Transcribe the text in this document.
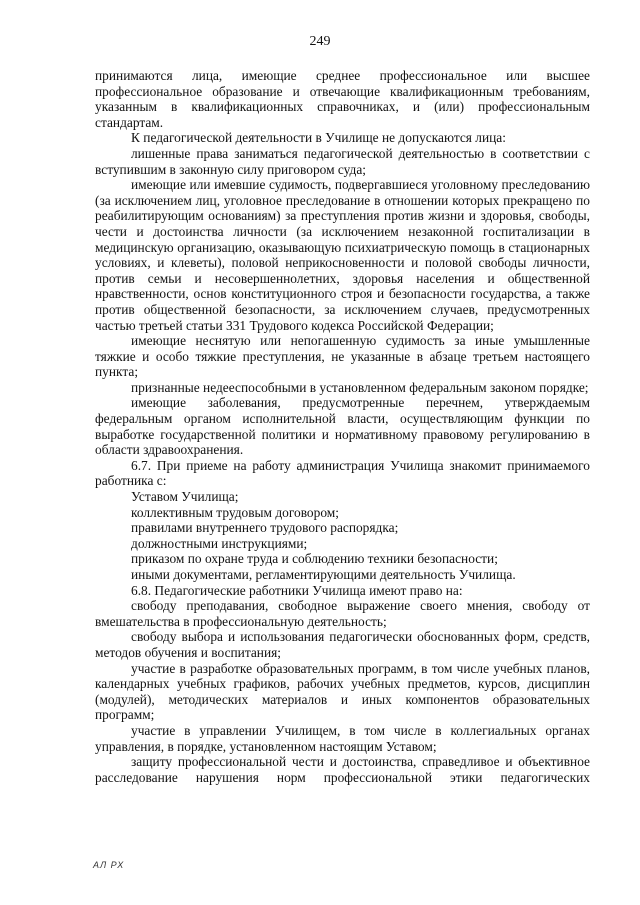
249

принимаются лица, имеющие среднее профессиональное или высшее профессиональное образование и отвечающие квалификационным требованиям, указанным в квалификационных справочниках, и (или) профессиональным стандартам.

К педагогической деятельности в Училище не допускаются лица:

лишенные права заниматься педагогической деятельностью в соответствии с вступившим в законную силу приговором суда;

имеющие или имевшие судимость, подвергавшиеся уголовному преследованию (за исключением лиц, уголовное преследование в отношении которых прекращено по реабилитирующим основаниям) за преступления против жизни и здоровья, свободы, чести и достоинства личности (за исключением незаконной госпитализации в медицинскую организацию, оказывающую психиатрическую помощь в стационарных условиях, и клеветы), половой неприкосновенности и половой свободы личности, против семьи и несовершеннолетних, здоровья населения и общественной нравственности, основ конституционного строя и безопасности государства, а также против общественной безопасности, за исключением случаев, предусмотренных частью третьей статьи 331 Трудового кодекса Российской Федерации;

имеющие неснятую или непогашенную судимость за иные умышленные тяжкие и особо тяжкие преступления, не указанные в абзаце третьем настоящего пункта;

признанные недееспособными в установленном федеральным законом порядке;

имеющие заболевания, предусмотренные перечнем, утверждаемым федеральным органом исполнительной власти, осуществляющим функции по выработке государственной политики и нормативному правовому регулированию в области здравоохранения.

6.7. При приеме на работу администрация Училища знакомит принимаемого работника с:

Уставом Училища;

коллективным трудовым договором;

правилами внутреннего трудового распорядка;

должностными инструкциями;

приказом по охране труда и соблюдению техники безопасности;

иными документами, регламентирующими деятельность Училища.

6.8. Педагогические работники Училища имеют право на:

свободу преподавания, свободное выражение своего мнения, свободу от вмешательства в профессиональную деятельность;

свободу выбора и использования педагогически обоснованных форм, средств, методов обучения и воспитания;

участие в разработке образовательных программ, в том числе учебных планов, календарных учебных графиков, рабочих учебных предметов, курсов, дисциплин (модулей), методических материалов и иных компонентов образовательных программ;

участие в управлении Училищем, в том числе в коллегиальных органах управления, в порядке, установленном настоящим Уставом;

защиту профессиональной чести и достоинства, справедливое и объективное расследование нарушения норм профессиональной этики педагогических

АЛ РХ
